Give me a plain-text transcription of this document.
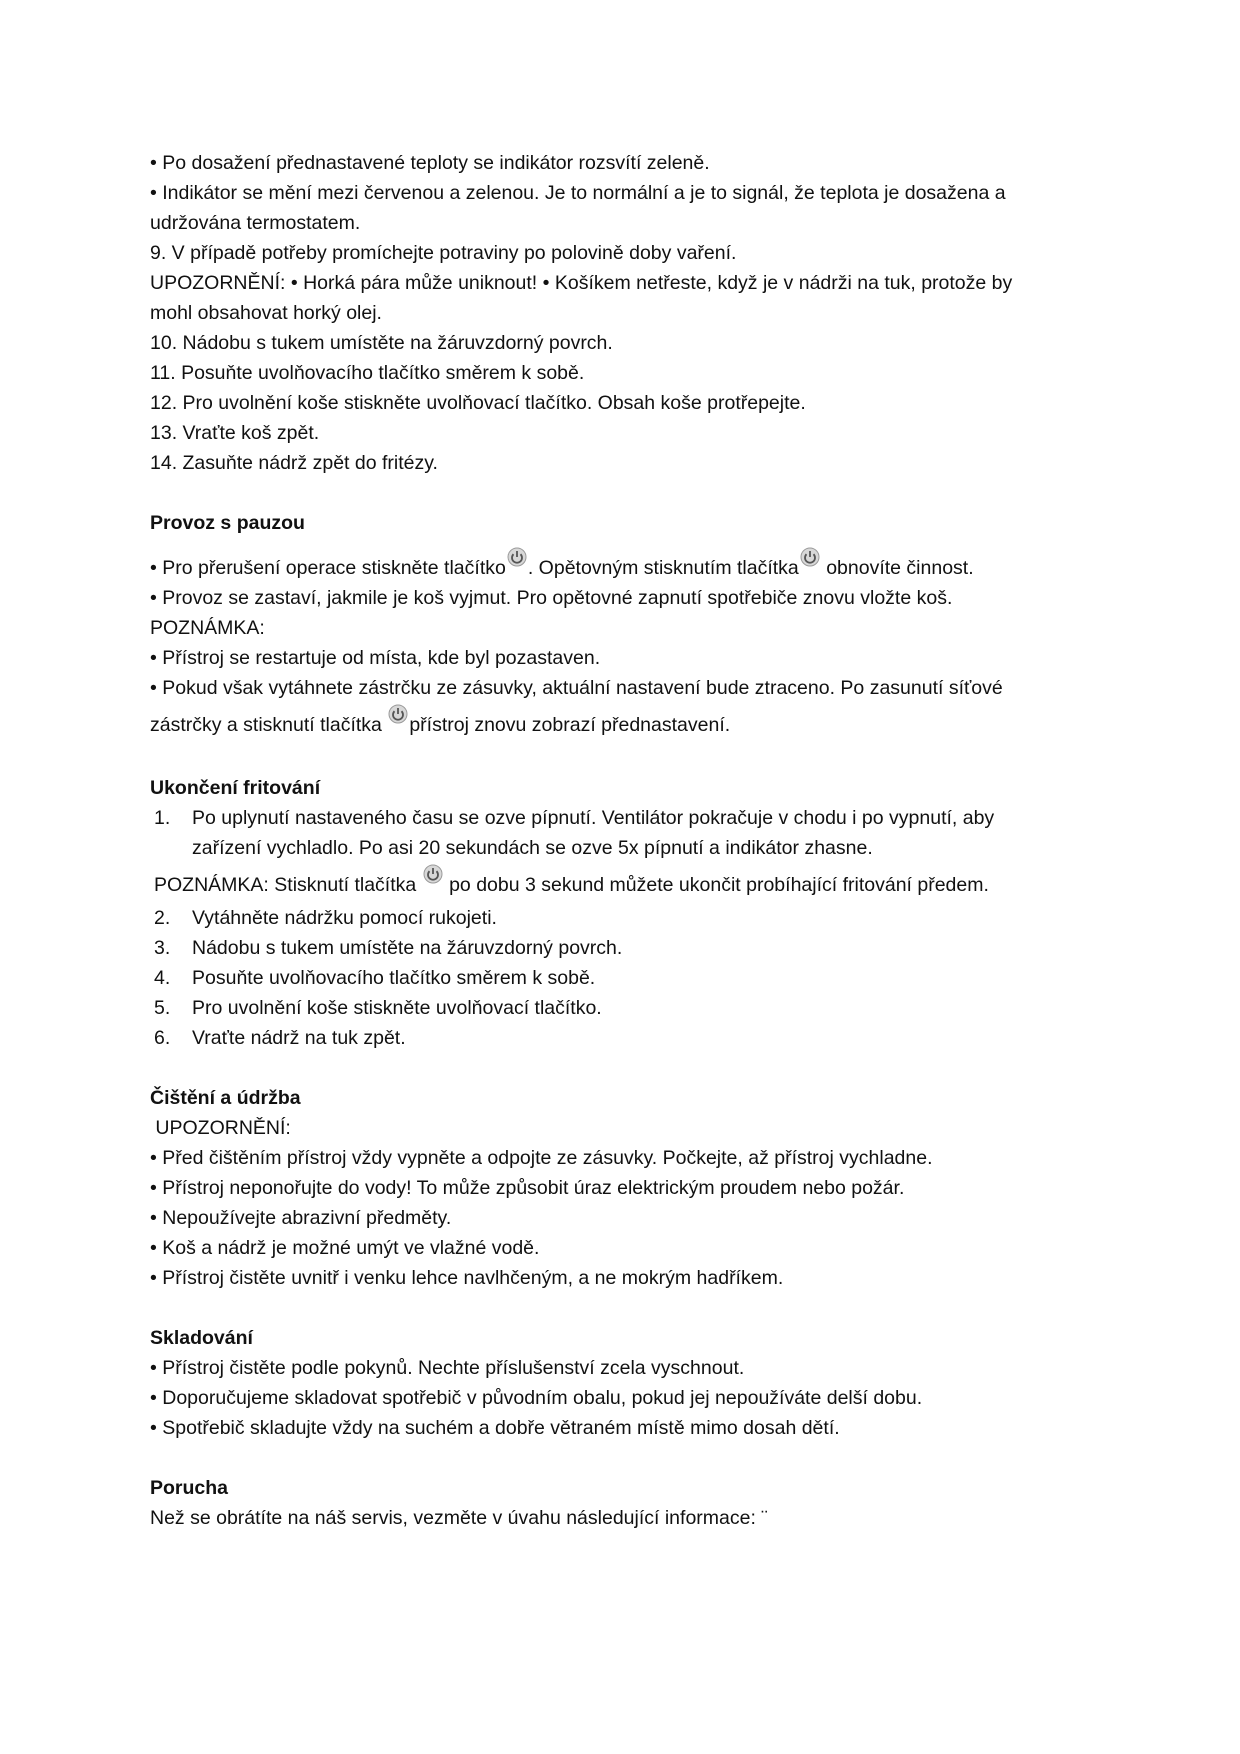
• Po dosažení přednastavené teploty se indikátor rozsvítí zeleně.
• Indikátor se mění mezi červenou a zelenou. Je to normální a je to signál, že teplota je dosažena a
udržována termostatem.
9. V případě potřeby promíchejte potraviny po polovině doby vaření.
UPOZORNĚNÍ: • Horká pára může uniknout! • Košíkem netřeste, když je v nádrži na tuk, protože by
mohl obsahovat horký olej.
10. Nádobu s tukem umístěte na žáruvzdorný povrch.
11. Posuňte uvolňovacího tlačítko směrem k sobě.
12. Pro uvolnění koše stiskněte uvolňovací tlačítko. Obsah koše protřepejte.
13. Vraťte koš zpět.
14. Zasuňte nádrž zpět do fritézy.
Provoz s pauzou
• Pro přerušení operace stiskněte tlačítko . Opětovným stisknutím tlačítka
obnovíte činnost.
• Provoz se zastaví, jakmile je koš vyjmut. Pro opětovné zapnutí spotřebiče znovu vložte koš.
POZNÁMKA:
• Přístroj se restartuje od místa, kde byl pozastaven.
• Pokud však vytáhnete zástrčku ze zásuvky, aktuální nastavení bude ztraceno. Po zasunutí síťové
zástrčky a stisknutí tlačítka
přístroj znovu zobrazí přednastavení.
Ukončení fritování
1. Po uplynutí nastaveného času se ozve pípnutí. Ventilátor pokračuje v chodu i po vypnutí, aby
zařízení vychladlo. Po asi 20 sekundách se ozve 5x pípnutí a indikátor zhasne.
POZNÁMKA: Stisknutí tlačítka
po dobu 3 sekund můžete ukončit probíhající fritování předem.
2. Vytáhněte nádržku pomocí rukojeti.
3. Nádobu s tukem umístěte na žáruvzdorný povrch.
4. Posuňte uvolňovacího tlačítko směrem k sobě.
5. Pro uvolnění koše stiskněte uvolňovací tlačítko.
6. Vraťte nádrž na tuk zpět.
Čištění a údržba
UPOZORNĚNÍ:
• Před čištěním přístroj vždy vypněte a odpojte ze zásuvky. Počkejte, až přístroj vychladne.
• Přístroj neponořujte do vody! To může způsobit úraz elektrickým proudem nebo požár.
• Nepoužívejte abrazivní předměty.
• Koš a nádrž je možné umýt ve vlažné vodě.
• Přístroj čistěte uvnitř i venku lehce navlhčeným, a ne mokrým hadříkem.
Skladování
• Přístroj čistěte podle pokynů. Nechte příslušenství zcela vyschnout.
• Doporučujeme skladovat spotřebič v původním obalu, pokud jej nepoužíváte delší dobu.
• Spotřebič skladujte vždy na suchém a dobře větraném místě mimo dosah dětí.
Porucha
Než se obrátíte na náš servis, vezměte v úvahu následující informace: ¨
